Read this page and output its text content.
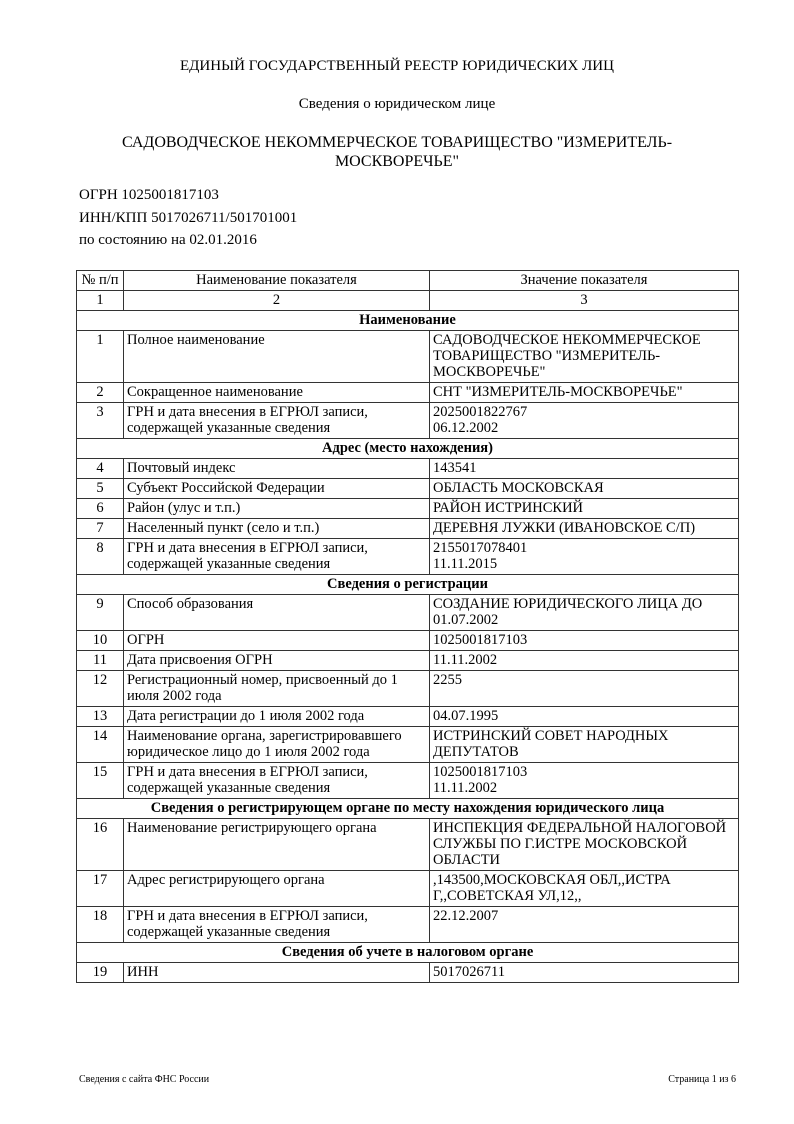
ЕДИНЫЙ ГОСУДАРСТВЕННЫЙ РЕЕСТР ЮРИДИЧЕСКИХ ЛИЦ
Сведения о юридическом лице
САДОВОДЧЕСКОЕ НЕКОММЕРЧЕСКОЕ ТОВАРИЩЕСТВО "ИЗМЕРИТЕЛЬ-МОСКВОРЕЧЬЕ"
ОГРН 1025001817103
ИНН/КПП 5017026711/501701001
по состоянию на 02.01.2016
№ п/п	Наименование показателя	Значение показателя
1	2	3
Наименование		
1	Полное наименование	САДОВОДЧЕСКОЕ НЕКОММЕРЧЕСКОЕ ТОВАРИЩЕСТВО "ИЗМЕРИТЕЛЬ-МОСКВОРЕЧЬЕ"

2	Сокращенное наименование	СНТ "ИЗМЕРИТЕЛЬ-МОСКВОРЕЧЬЕ"

3	ГРН и дата внесения в ЕГРЮЛ записи, содержащей указанные сведения	2025001822767
06.12.2002

Адрес (место нахождения)		
4	Почтовый индекс	143541

5	Субъект Российской Федерации	ОБЛАСТЬ МОСКОВСКАЯ

6	Район (улус и т.п.)	РАЙОН ИСТРИНСКИЙ

7	Населенный пункт (село и т.п.)	ДЕРЕВНЯ ЛУЖКИ (ИВАНОВСКОЕ С/П)

8	ГРН и дата внесения в ЕГРЮЛ записи, содержащей указанные сведения	2155017078401
11.11.2015

Сведения о регистрации		
9	Способ образования	СОЗДАНИЕ ЮРИДИЧЕСКОГО ЛИЦА ДО 01.07.2002

10	ОГРН	1025001817103

11	Дата присвоения ОГРН	11.11.2002

12	Регистрационный номер, присвоенный до 1 июля 2002 года	2255

13	Дата регистрации до 1 июля 2002 года	04.07.1995

14	Наименование органа, зарегистрировавшего юридическое лицо до 1 июля 2002 года	ИСТРИНСКИЙ СОВЕТ НАРОДНЫХ ДЕПУТАТОВ

15	ГРН и дата внесения в ЕГРЮЛ записи, содержащей указанные сведения	1025001817103
11.11.2002

Сведения о регистрирующем органе по месту нахождения юридического лица		
16	Наименование регистрирующего органа	ИНСПЕКЦИЯ ФЕДЕРАЛЬНОЙ НАЛОГОВОЙ СЛУЖБЫ ПО Г.ИСТРЕ МОСКОВСКОЙ ОБЛАСТИ

17	Адрес регистрирующего органа	,143500,МОСКОВСКАЯ ОБЛ,,ИСТРА Г,,СОВЕТСКАЯ УЛ,12,,

18	ГРН и дата внесения в ЕГРЮЛ записи, содержащей указанные сведения	22.12.2007

Сведения об учете в налоговом органе		
19	ИНН	5017026711
Сведения с сайта ФНС России	Страница 1 из 6
